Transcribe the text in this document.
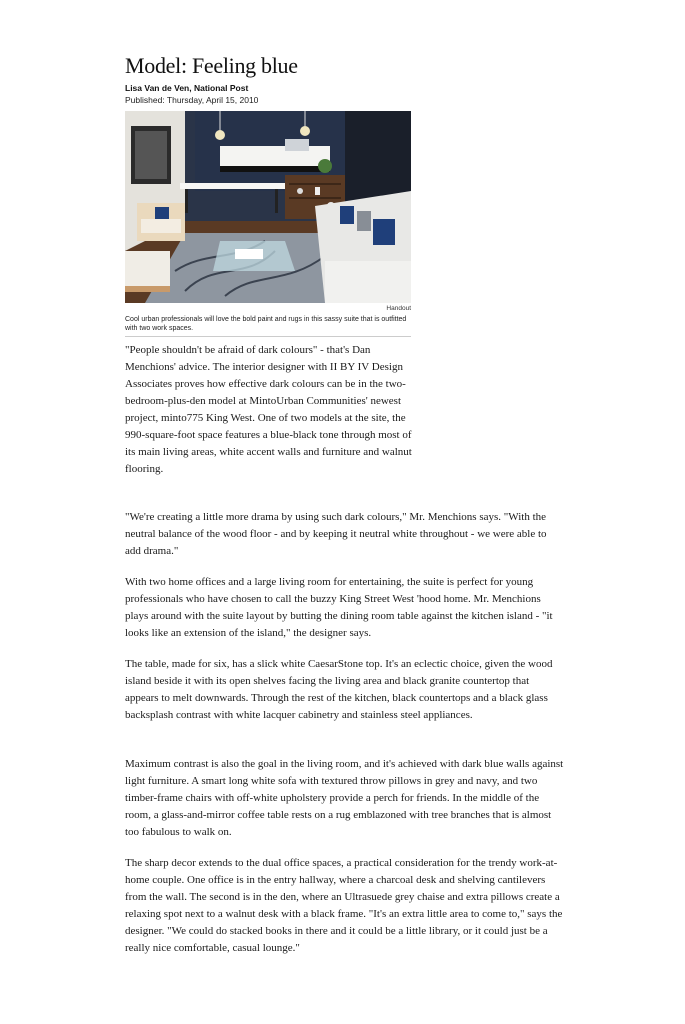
Model: Feeling blue
Lisa Van de Ven, National Post
Published: Thursday, April 15, 2010
Handout
Cool urban professionals will love the bold paint and rugs in this sassy suite that is outfitted with two work spaces.

"People shouldn't be afraid of dark colours" - that's Dan Menchions' advice. The interior designer with II BY IV Design Associates proves how effective dark colours can be in the two-bedroom-plus-den model at MintoUrban Communities' newest project, minto775 King West. One of two models at the site, the 990-square-foot space features a blue-black tone through most of its main living areas, white accent walls and furniture and walnut flooring.

"We're creating a little more drama by using such dark colours," Mr. Menchions says. "With the neutral balance of the wood floor - and by keeping it neutral white throughout - we were able to add drama."

With two home offices and a large living room for entertaining, the suite is perfect for young professionals who have chosen to call the buzzy King Street West 'hood home. Mr. Menchions plays around with the suite layout by butting the dining room table against the kitchen island - "it looks like an extension of the island," the designer says.

The table, made for six, has a slick white CaesarStone top. It's an eclectic choice, given the wood island beside it with its open shelves facing the living area and black granite countertop that appears to melt downwards. Through the rest of the kitchen, black countertops and a black glass backsplash contrast with white lacquer cabinetry and stainless steel appliances.

Maximum contrast is also the goal in the living room, and it's achieved with dark blue walls against light furniture. A smart long white sofa with textured throw pillows in grey and navy, and two timber-frame chairs with off-white upholstery provide a perch for friends. In the middle of the room, a glass-and-mirror coffee table rests on a rug emblazoned with tree branches that is almost too fabulous to walk on.

The sharp decor extends to the dual office spaces, a practical consideration for the trendy work-at-home couple. One office is in the entry hallway, where a charcoal desk and shelving cantilevers from the wall. The second is in the den, where an Ultrasuede grey chaise and extra pillows create a relaxing spot next to a walnut desk with a black frame. "It's an extra little area to come to," says the designer. "We could do stacked books in there and it could be a little library, or it could just be a really nice comfortable, casual lounge."
